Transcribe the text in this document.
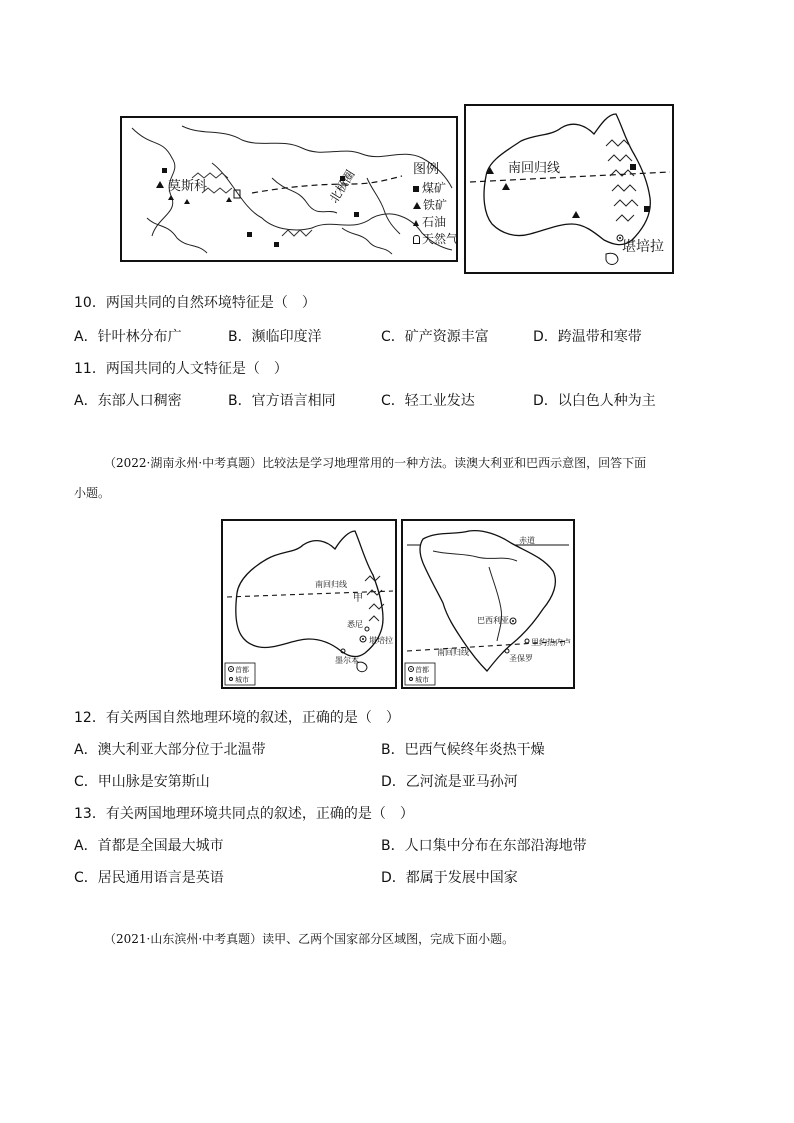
莫斯科	北极圈	图例
煤矿
铁矿
石油
天然气
南回归线
堪培拉
10．两国共同的自然环境特征是（　）
A．针叶林分布广	B．濒临印度洋	C．矿产资源丰富	D．跨温带和寒带
11．两国共同的人文特征是（　）
A．东部人口稠密	B．官方语言相同	C．轻工业发达	D．以白色人种为主
（2022·湖南永州·中考真题）比较法是学习地理常用的一种方法。读澳大利亚和巴西示意图，回答下面
小题。
南回归线
甲
悉尼
堪培拉
墨尔本
首都
城市
赤道
巴西利亚
里约热内卢
圣保罗
南回归线
首都
城市
12．有关两国自然地理环境的叙述，正确的是（　）
A．澳大利亚大部分位于北温带	B．巴西气候终年炎热干燥
C．甲山脉是安第斯山	D．乙河流是亚马孙河
13．有关两国地理环境共同点的叙述，正确的是（　）
A．首都是全国最大城市	B．人口集中分布在东部沿海地带
C．居民通用语言是英语	D．都属于发展中国家
（2021·山东滨州·中考真题）读甲、乙两个国家部分区域图，完成下面小题。
